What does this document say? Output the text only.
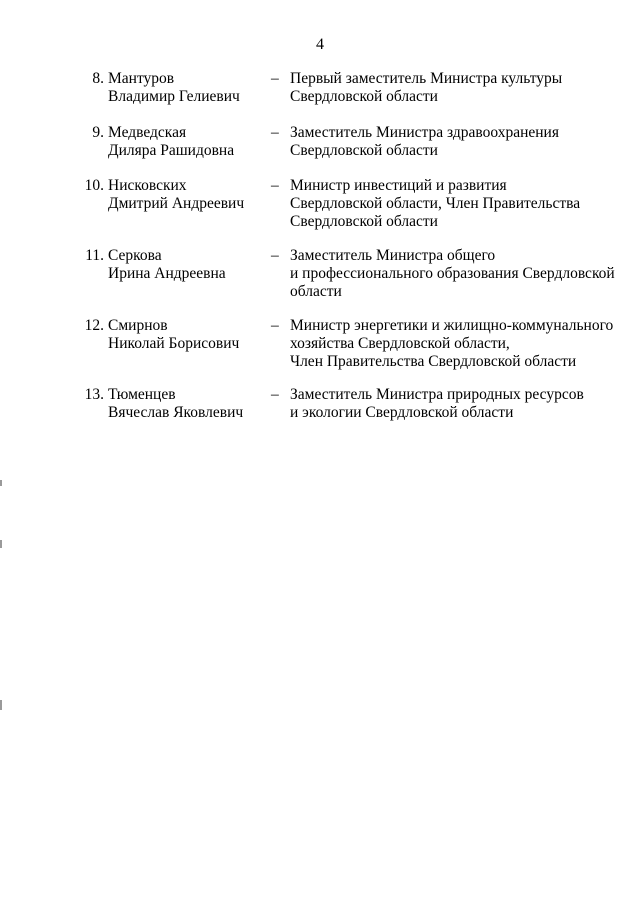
4
8. Мантуров
Владимир Гелиевич
– Первый заместитель Министра культуры
Свердловской области
9. Медведская
Диляра Рашидовна
– Заместитель Министра здравоохранения
Свердловской области
10. Нисковских
Дмитрий Андреевич
– Министр инвестиций и развития
Свердловской области, Член Правительства
Свердловской области
11. Серкова
Ирина Андреевна
– Заместитель Министра общего
и профессионального образования Свердловской
области
12. Смирнов
Николай Борисович
– Министр энергетики и жилищно-коммунального
хозяйства Свердловской области,
Член Правительства Свердловской области
13. Тюменцев
Вячеслав Яковлевич
– Заместитель Министра природных ресурсов
и экологии Свердловской области
